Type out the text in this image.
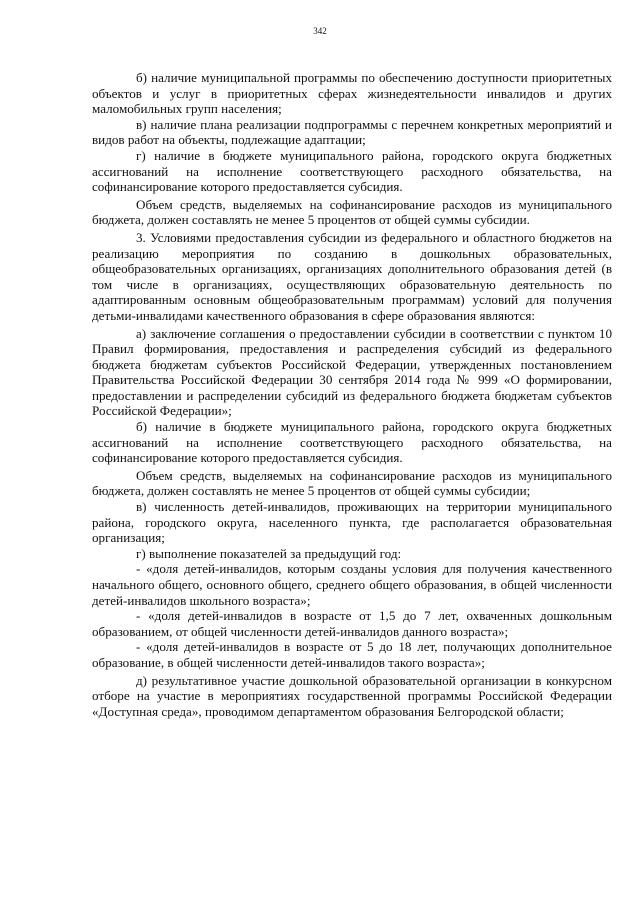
342

б) наличие муниципальной программы по обеспечению доступности приоритетных объектов и услуг в приоритетных сферах жизнедеятельности инвалидов и других маломобильных групп населения;

в) наличие плана реализации подпрограммы с перечнем конкретных мероприятий и видов работ на объекты, подлежащие адаптации;

г) наличие в бюджете муниципального района, городского округа бюджетных ассигнований на исполнение соответствующего расходного обязательства, на софинансирование которого предоставляется субсидия.

Объем средств, выделяемых на софинансирование расходов из муниципального бюджета, должен составлять не менее 5 процентов от общей суммы субсидии.

3. Условиями предоставления субсидии из федерального и областного бюджетов на реализацию мероприятия по созданию в дошкольных образовательных, общеобразовательных организациях, организациях дополнительного образования детей (в том числе в организациях, осуществляющих образовательную деятельность по адаптированным основным общеобразовательным программам) условий для получения детьми-инвалидами качественного образования в сфере образования являются:

а) заключение соглашения о предоставлении субсидии в соответствии с пунктом 10 Правил формирования, предоставления и распределения субсидий из федерального бюджета бюджетам субъектов Российской Федерации, утвержденных постановлением Правительства Российской Федерации 30 сентября 2014 года № 999 «О формировании, предоставлении и распределении субсидий из федерального бюджета бюджетам субъектов Российской Федерации»;

б) наличие в бюджете муниципального района, городского округа бюджетных ассигнований на исполнение соответствующего расходного обязательства, на софинансирование которого предоставляется субсидия.

Объем средств, выделяемых на софинансирование расходов из муниципального бюджета, должен составлять не менее 5 процентов от общей суммы субсидии;

в) численность детей-инвалидов, проживающих на территории муниципального района, городского округа, населенного пункта, где располагается образовательная организация;

г) выполнение показателей за предыдущий год:

- «доля детей-инвалидов, которым созданы условия для получения качественного начального общего, основного общего, среднего общего образования, в общей численности детей-инвалидов школьного возраста»;

- «доля детей-инвалидов в возрасте от 1,5 до 7 лет, охваченных дошкольным образованием, от общей численности детей-инвалидов данного возраста»;

- «доля детей-инвалидов в возрасте от 5 до 18 лет, получающих дополнительное образование, в общей численности детей-инвалидов такого возраста»;

д) результативное участие дошкольной образовательной организации в конкурсном отборе на участие в мероприятиях государственной программы Российской Федерации «Доступная среда», проводимом департаментом образования Белгородской области;
